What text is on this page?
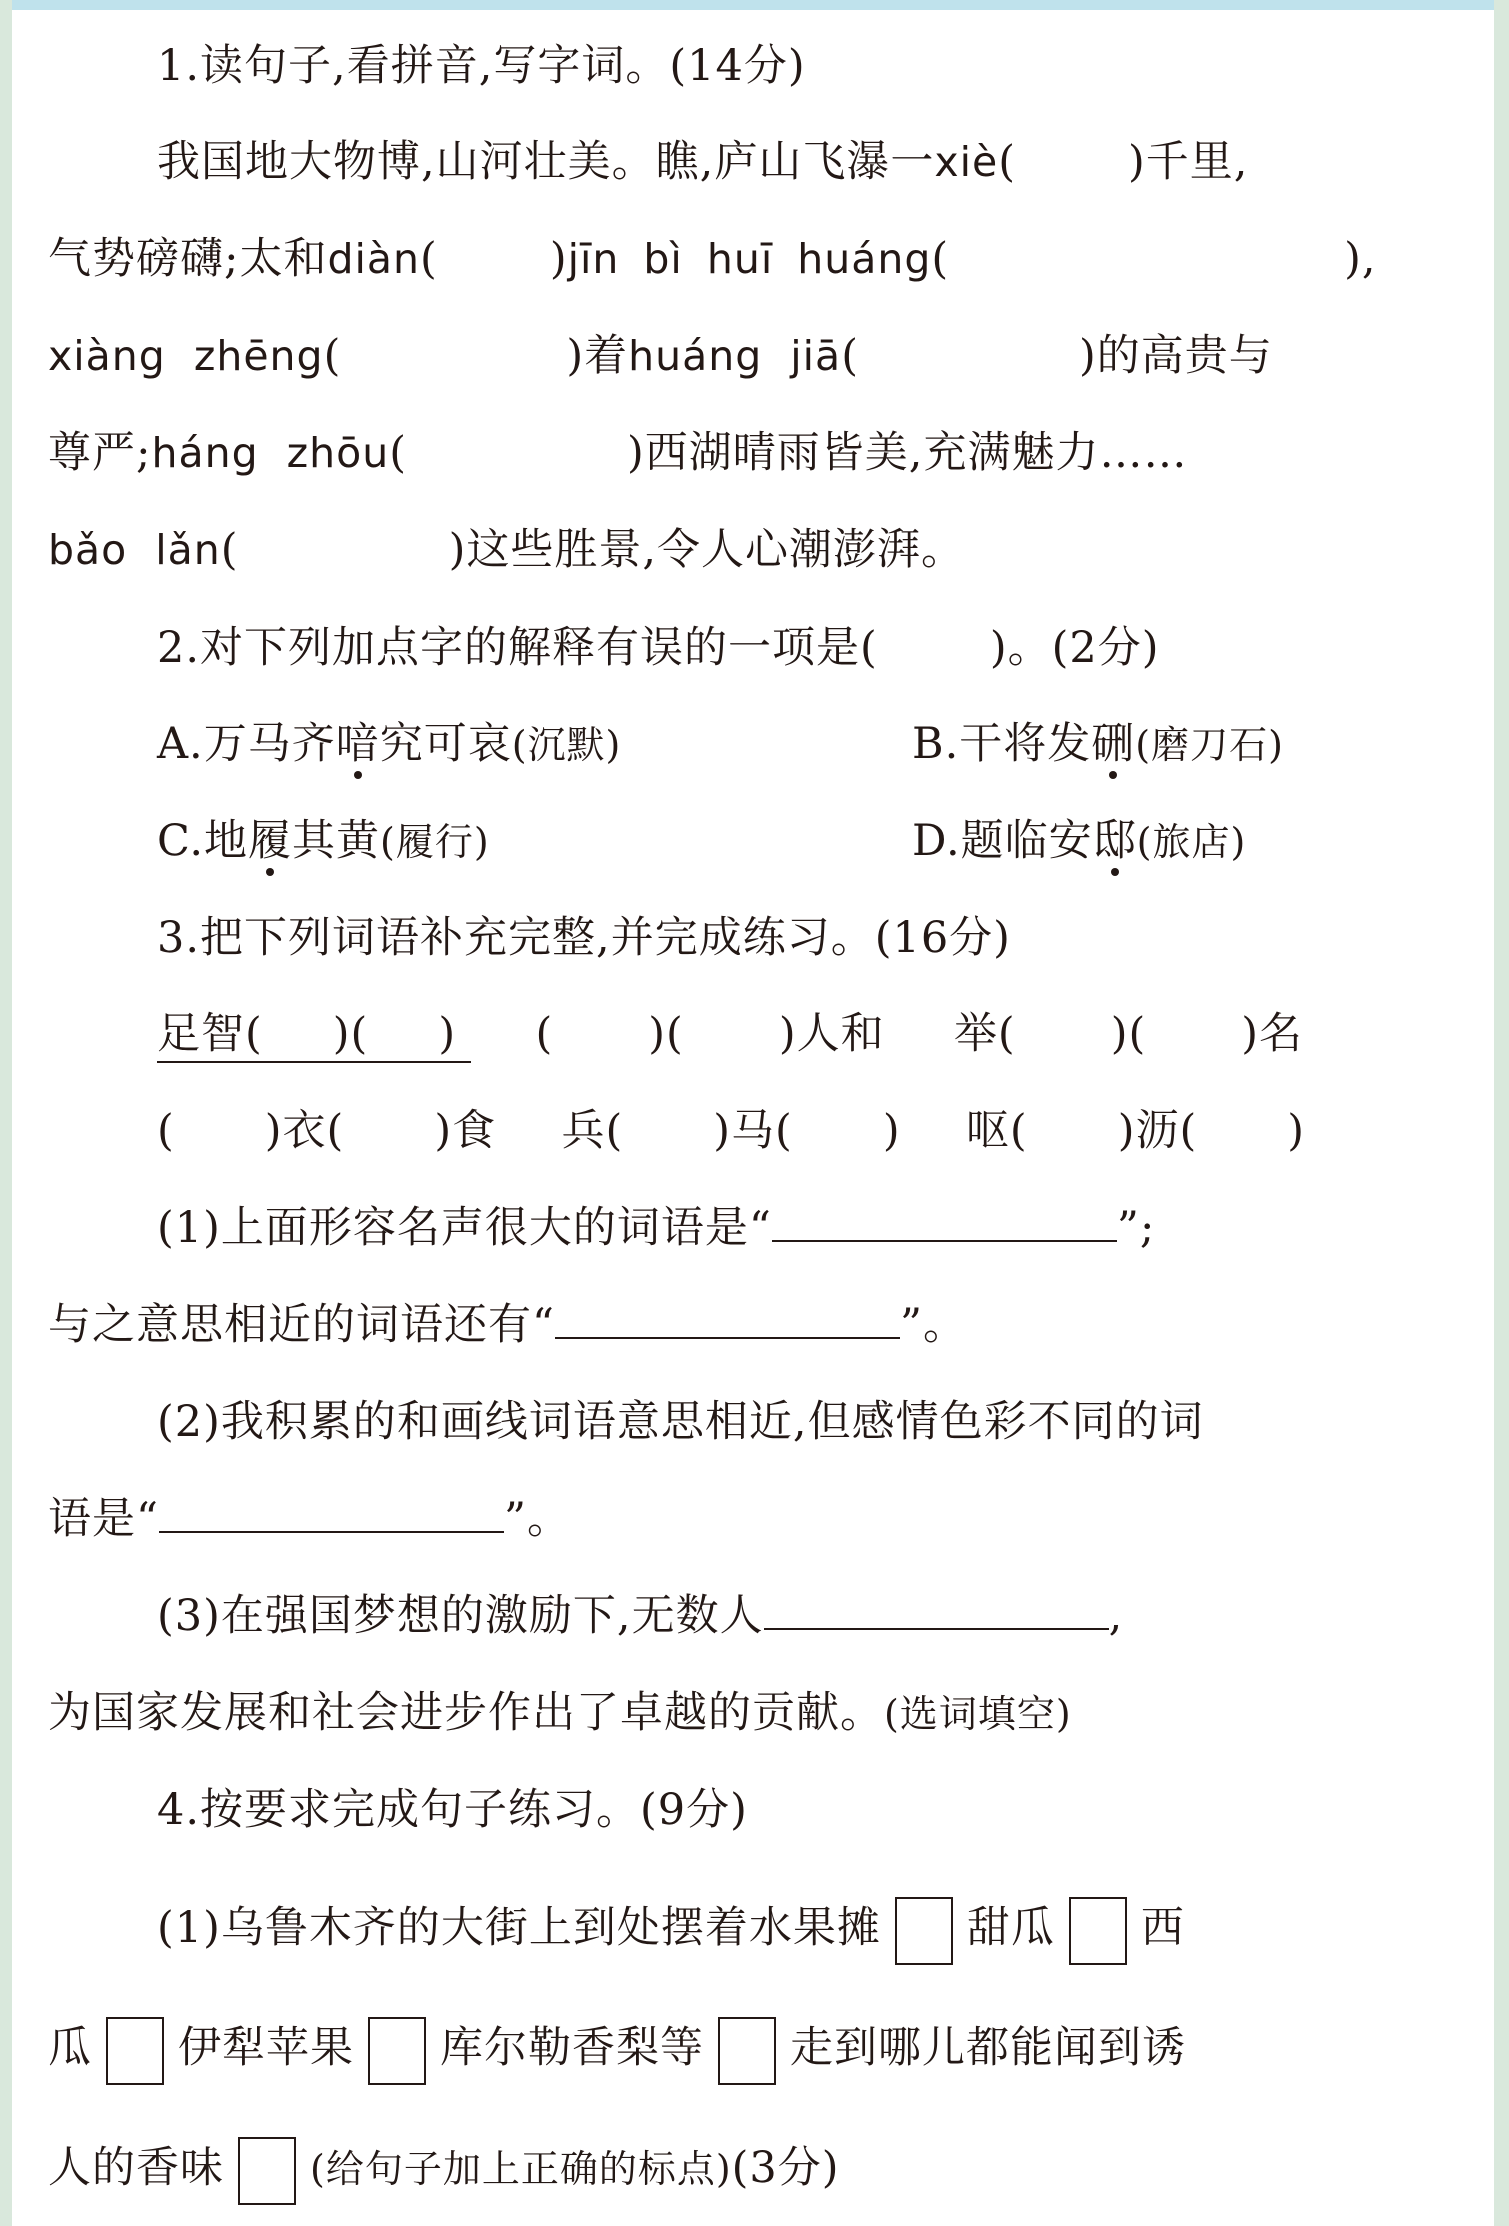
1.读句子,看拼音,写字词。(14分)
我国地大物博,山河壮美。瞧,庐山飞瀑一xiè(	)千里,
气势磅礴;太和diàn(	)jīn bì huī huáng(	),
xiàng zhēng(	)着huáng jiā(	)的高贵与
尊严;háng zhōu(	)西湖晴雨皆美,充满魅力……
bǎo lǎn(	)这些胜景,令人心潮澎湃。
2.对下列加点字的解释有误的一项是(	)。(2分)
A.万马齐喑究可哀(沉默)	B.干将发硎(磨刀石)
C.地履其黄(履行)	D.题临安邸(旅店)
3.把下列词语补充完整,并完成练习。(16分)
足智( )( ) ( )( )人和 举( )( )名
( )衣( )食 兵( )马( ) 呕( )沥( )
(1)上面形容名声很大的词语是“	”;
与之意思相近的词语还有“	”。
(2)我积累的和画线词语意思相近,但感情色彩不同的词
语是“	”。
(3)在强国梦想的激励下,无数人	,
为国家发展和社会进步作出了卓越的贡献。(选词填空)
4.按要求完成句子练习。(9分)
(1)乌鲁木齐的大街上到处摆着水果摊 甜瓜 西
瓜 伊犁苹果 库尔勒香梨等 走到哪儿都能闻到诱
人的香味 (给句子加上正确的标点)(3分)
